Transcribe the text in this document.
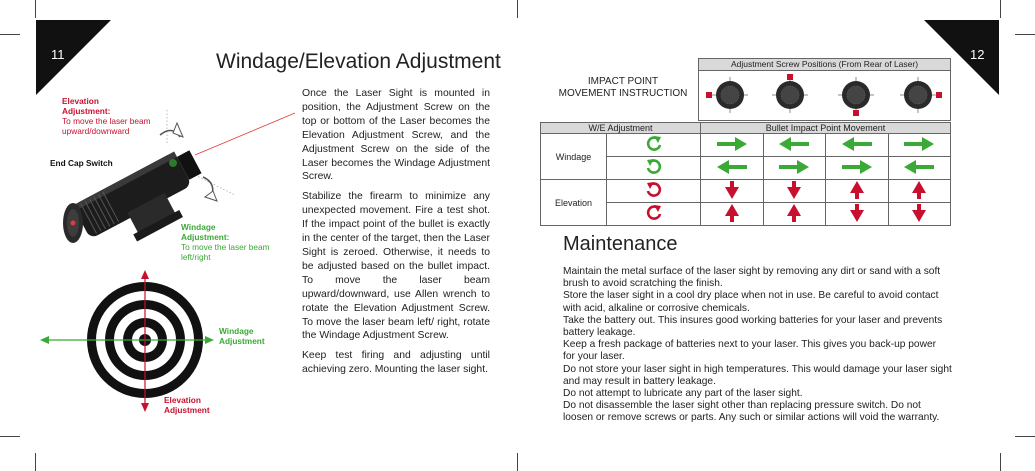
11	12
Windage/Elevation Adjustment
Elevation
Adjustment:
To move the laser beam
upward/downward
End Cap Switch
Windage
Adjustment:
To move the laser beam
left/right
Windage
Adjustment
Elevation
Adjustment

Once the Laser Sight is mounted in position, the Adjustment Screw on the top or bottom of the Laser becomes the Elevation Adjustment Screw, and the Adjustment Screw on the side of the Laser becomes the Windage Adjustment Screw.

Stabilize the firearm to minimize any unexpected movement. Fire a test shot. If the impact point of the bullet is exactly in the center of the target, then the Laser Sight is zeroed. Otherwise, it needs to be adjusted based on the bullet impact. To move the laser beam upward/downward, use Allen wrench to rotate the Elevation Adjustment Screw. To move the laser beam left/ right, rotate the Windage Adjustment Screw.

Keep test firing and adjusting until achieving zero. Mounting the laser sight.

IMPACT POINT
MOVEMENT INSTRUCTION
Adjustment Screw Positions (From Rear of Laser)
W/E Adjustment		Bullet Impact Point Movement			
Windage					

Elevation					

Maintenance
Maintain the metal surface of the laser sight by removing any dirt or sand with a soft
brush to avoid scratching the finish.
Store the laser sight in a cool dry place when not in use. Be careful to avoid contact
with acid, alkaline or corrosive chemicals.
Take the battery out. This insures good working batteries for your laser and prevents
battery leakage.
Keep a fresh package of batteries next to your laser. This gives you back-up power
for your laser.
Do not store your laser sight in high temperatures. This would damage your laser sight
and may result in battery leakage.
Do not attempt to lubricate any part of the laser sight.
Do not disassemble the laser sight other than replacing pressure switch. Do not
loosen or remove screws or parts. Any such or similar actions will void the warranty.
